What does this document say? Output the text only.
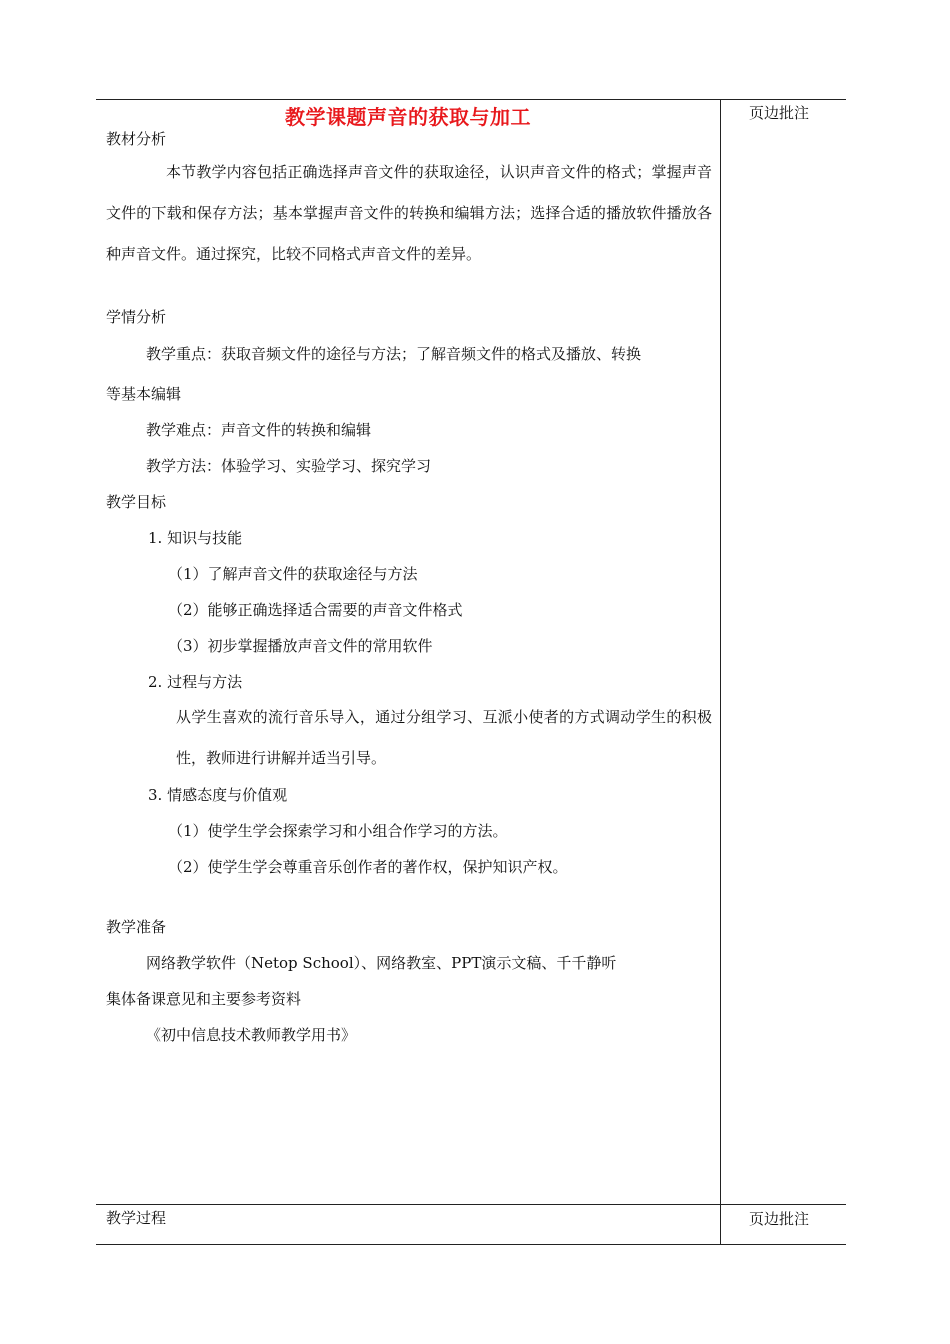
教学课题声音的获取与加工
教材分析
本节教学内容包括正确选择声音文件的获取途径，认识声音文件的格式；掌握声音文件的下载和保存方法；基本掌握声音文件的转换和编辑方法；选择合适的播放软件播放各种声音文件。通过探究，比较不同格式声音文件的差异。
学情分析
教学重点：获取音频文件的途径与方法；了解音频文件的格式及播放、转换
等基本编辑
教学难点：声音文件的转换和编辑
教学方法：体验学习、实验学习、探究学习
教学目标
1. 知识与技能
（1）了解声音文件的获取途径与方法
（2）能够正确选择适合需要的声音文件格式
（3）初步掌握播放声音文件的常用软件
2. 过程与方法
从学生喜欢的流行音乐导入，通过分组学习、互派小使者的方式调动学生的积极性，教师进行讲解并适当引导。
3. 情感态度与价值观
（1）使学生学会探索学习和小组合作学习的方法。
（2）使学生学会尊重音乐创作者的著作权，保护知识产权。
教学准备
网络教学软件（Netop School）、网络教室、PPT演示文稿、千千静听
集体备课意见和主要参考资料
《初中信息技术教师教学用书》
教学过程
页边批注
页边批注
